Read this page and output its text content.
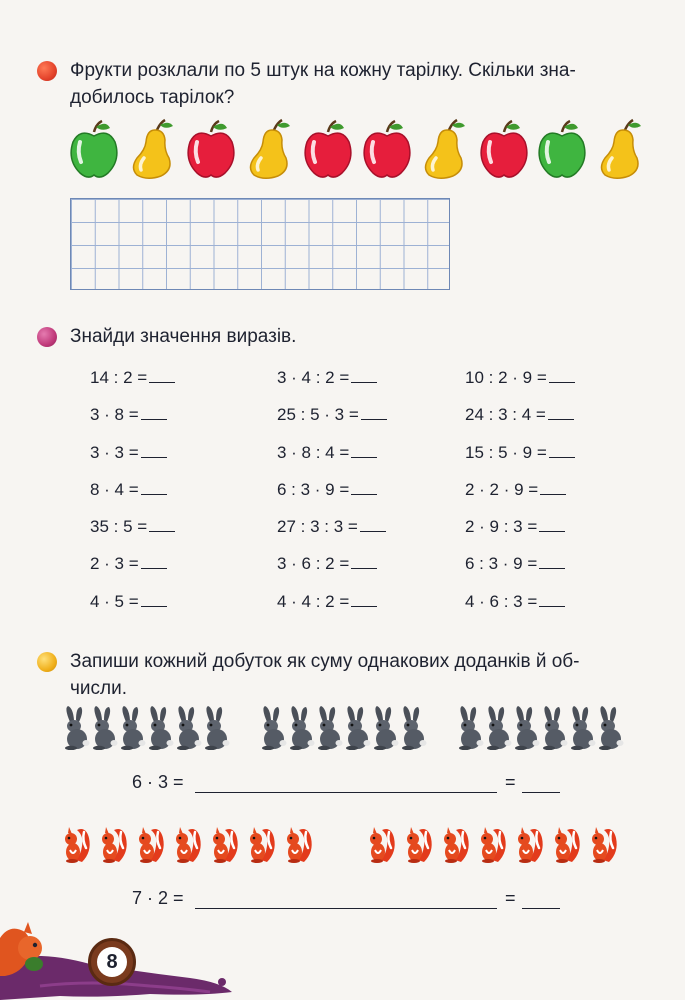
Фрукти розклали по 5 штук на кожну тарілку. Скільки зна-
добилось тарілок?
Знайди значення виразів.
14 : 2 =
3 · 8 =
3 · 3 =
8 · 4 =
35 : 5 =
2 · 3 =
4 · 5 =
3 · 4 : 2 =
25 : 5 · 3 =
3 · 8 : 4 =
6 : 3 · 9 =
27 : 3 : 3 =
3 · 6 : 2 =
4 · 4 : 2 =
10 : 2 · 9 =
24 : 3 : 4 =
15 : 5 · 9 =
2 · 2 · 9 =
2 · 9 : 3 =
6 : 3 · 9 =
4 · 6 : 3 =
Запиши кожний добуток як суму однакових доданків й об-
числи.
6 · 3 =	=
7 · 2 =	=
8
